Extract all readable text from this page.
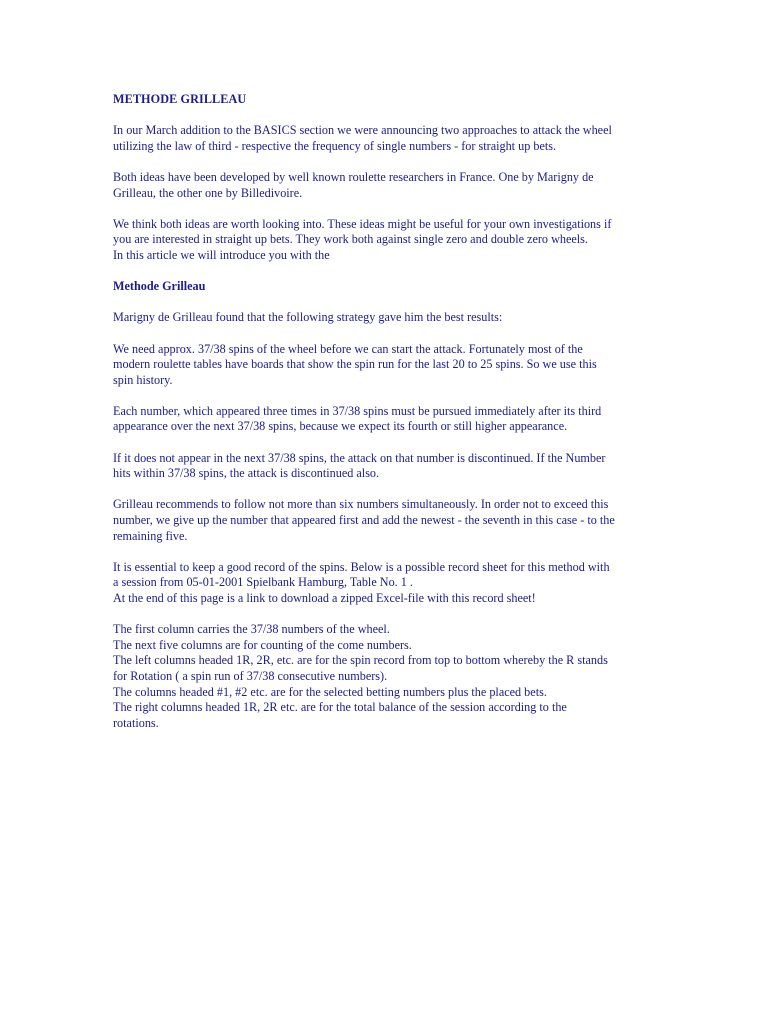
METHODE GRILLEAU
In our March addition to the BASICS section we were announcing two approaches to attack the wheel
utilizing the law of third - respective the frequency of single numbers - for straight up bets.
Both ideas have been developed by well known roulette researchers in France. One by Marigny de
Grilleau, the other one by Billedivoire.
We think both ideas are worth looking into. These ideas might be useful for your own investigations if
you are interested in straight up bets. They work both against single zero and double zero wheels.
In this article we will introduce you with the
Methode Grilleau
Marigny de Grilleau found that the following strategy gave him the best results:
We need approx. 37/38 spins of the wheel before we can start the attack. Fortunately most of the
modern roulette tables have boards that show the spin run for the last 20 to 25 spins. So we use this
spin history.
Each number, which appeared three times in 37/38 spins must be pursued immediately after its third
appearance over the next 37/38 spins, because we expect its fourth or still higher appearance.
If it does not appear in the next 37/38 spins, the attack on that number is discontinued. If the Number
hits within 37/38 spins, the attack is discontinued also.
Grilleau recommends to follow not more than six numbers simultaneously. In order not to exceed this
number, we give up the number that appeared first and add the newest - the seventh in this case - to the
remaining five.
It is essential to keep a good record of the spins. Below is a possible record sheet for this method with
a session from 05-01-2001 Spielbank Hamburg, Table No. 1 .
At the end of this page is a link to download a zipped Excel-file with this record sheet!
The first column carries the 37/38 numbers of the wheel.
The next five columns are for counting of the come numbers.
The left columns headed 1R, 2R, etc. are for the spin record from top to bottom whereby the R stands
for Rotation ( a spin run of 37/38 consecutive numbers).
The columns headed #1, #2 etc. are for the selected betting numbers plus the placed bets.
The right columns headed 1R, 2R etc. are for the total balance of the session according to the
rotations.
